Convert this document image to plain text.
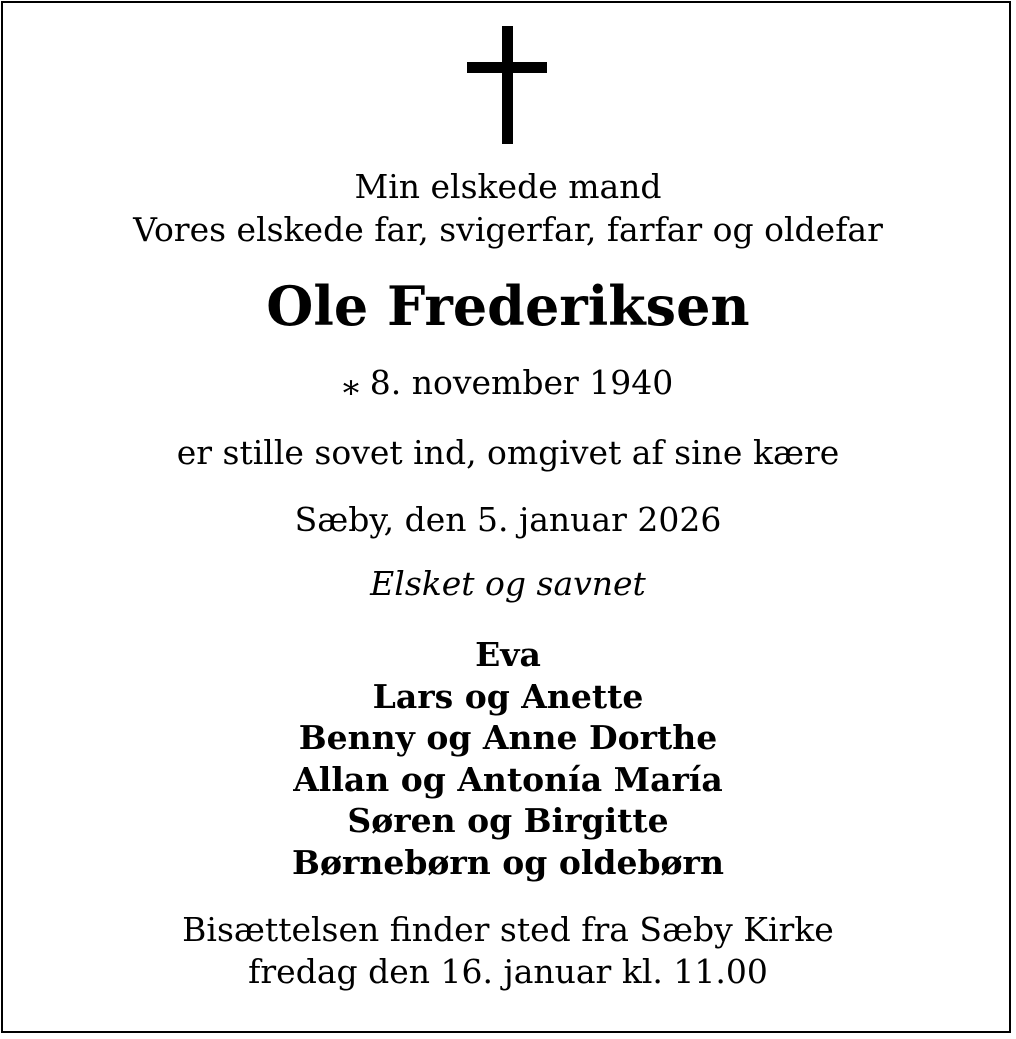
Min elskede mand
Vores elskede far, svigerfar, farfar og oldefar
Ole Frederiksen
⁎ 8. november 1940
er stille sovet ind, omgivet af sine kære
Sæby, den 5. januar 2026
Elsket og savnet
Eva
Lars og Anette
Benny og Anne Dorthe
Allan og Antonía María
Søren og Birgitte
Børnebørn og oldebørn
Bisættelsen finder sted fra Sæby Kirke
fredag den 16. januar kl. 11.00
